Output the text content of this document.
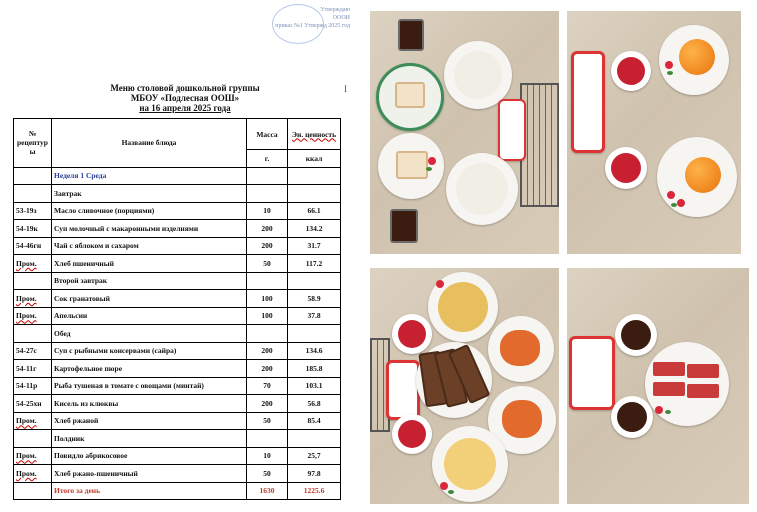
Утверждаю
ОООИ
приказ №1 Утвержд 2025 год
Меню столовой дошкольной группы
МБОУ «Подлесная ООШ»
на 16 апреля 2025 года
I
№ рецептур ы	Название блюда	Масса	Эн. ценность
		г.	ккал
	Неделя 1 Среда		
	Завтрак		
53-19з	Масло сливочное (порциями)	10	66.1
54-19к	Суп молочный с макаронными изделиями	200	134.2
54-46гн	Чай с яблоком и сахаром	200	31.7
Пром.	Хлеб пшеничный	50	117.2
	Второй завтрак		
Пром.	Сок гранатовый	100	58.9
Пром.	Апельсин	100	37.8
	Обед		
54-27с	Суп с рыбными консервами (сайра)	200	134.6
54-11г	Картофельное пюре	200	185.8
54-11р	Рыба тушеная в томате с овощами (минтай)	70	103.1
54-25хн	Кисель из клюквы	200	56.8
Пром.	Хлеб ржаной	50	85.4
	Полдник		
Пром.	Повидло абрикосовое	10	25,7
Пром.	Хлеб ржано-пшеничный	50	97.8
	Итого за день	1630	1225.6
